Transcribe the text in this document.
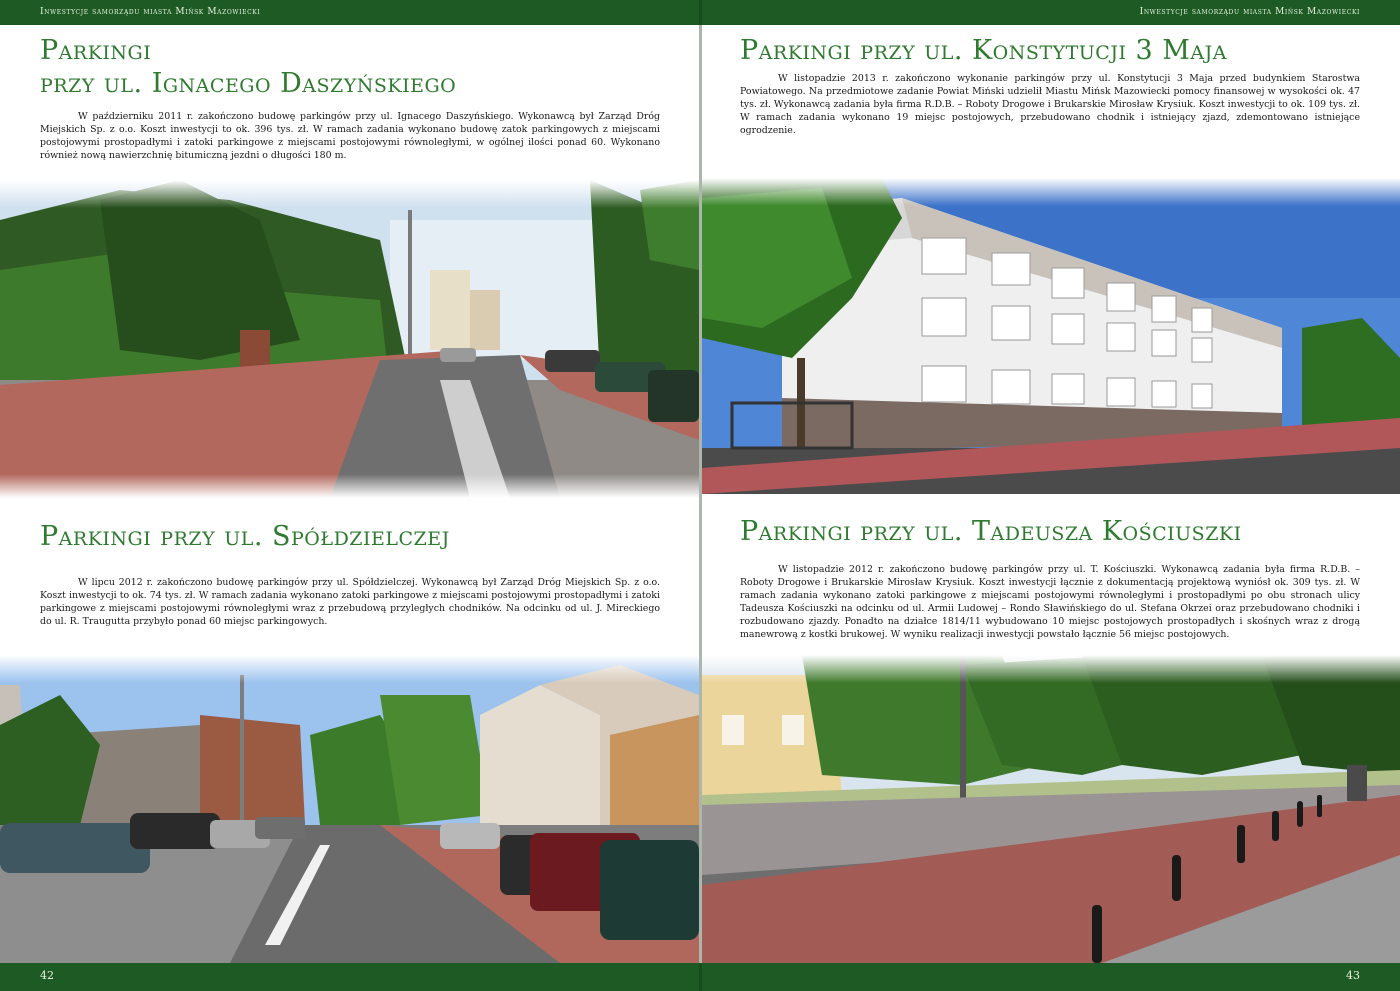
Inwestycje samorządu miasta Mińsk Mazowiecki	Inwestycje samorządu miasta Mińsk Mazowiecki
Parkingi
przy ul. Ignacego Daszyńskiego

W październiku 2011 r. zakończono budowę parkingów przy ul. Ignacego Daszyńskiego. Wykonawcą był Zarząd Dróg Miejskich Sp. z o.o. Koszt inwestycji to ok. 396 tys. zł. W ramach zadania wykonano budowę zatok parkingowych z miejscami postojowymi prostopadłymi i zatoki parkingowe z miejscami postojowymi równoległymi, w ogólnej ilości ponad 60. Wykonano również nową nawierzchnię bitumiczną jezdni o długości 180 m.

Parkingi przy ul. Konstytucji 3 Maja

W listopadzie 2013 r. zakończono wykonanie parkingów przy ul. Konstytucji 3 Maja przed budynkiem Starostwa Powiatowego. Na przedmiotowe zadanie Powiat Miński udzielił Miastu Mińsk Mazowiecki pomocy finansowej w wysokości ok. 47 tys. zł. Wykonawcą zadania była firma R.D.B. – Roboty Drogowe i Brukarskie Mirosław Krysiuk. Koszt inwestycji to ok. 109 tys. zł. W ramach zadania wykonano 19 miejsc postojowych, przebudowano chodnik i istniejący zjazd, zdemontowano istniejące ogrodzenie.

Parkingi przy ul. Spółdzielczej

W lipcu 2012 r. zakończono budowę parkingów przy ul. Spółdzielczej. Wykonawcą był Zarząd Dróg Miejskich Sp. z o.o. Koszt inwestycji to ok. 74 tys. zł. W ramach zadania wykonano zatoki parkingowe z miejscami postojowymi prostopadłymi i zatoki parkingowe z miejscami postojowymi równoległymi wraz z przebudową przyległych chodników. Na odcinku od ul. J. Mireckiego do ul. R. Traugutta przybyło ponad 60 miejsc parkingowych.

Parkingi przy ul. Tadeusza Kościuszki

W listopadzie 2012 r. zakończono budowę parkingów przy ul. T. Kościuszki. Wykonawcą zadania była firma R.D.B. – Roboty Drogowe i Brukarskie Mirosław Krysiuk. Koszt inwestycji łącznie z dokumentacją projektową wyniósł ok. 309 tys. zł. W ramach zadania wykonano zatoki parkingowe z miejscami postojowymi równoległymi i prostopadłymi po obu stronach ulicy Tadeusza Kościuszki na odcinku od ul. Armii Ludowej – Rondo Sławińskiego do ul. Stefana Okrzei oraz przebudowano chodniki i rozbudowano zjazdy. Ponadto na działce 1814/11 wybudowano 10 miejsc postojowych prostopadłych i skośnych wraz z drogą manewrową z kostki brukowej. W wyniku realizacji inwestycji powstało łącznie 56 miejsc postojowych.

42	43
